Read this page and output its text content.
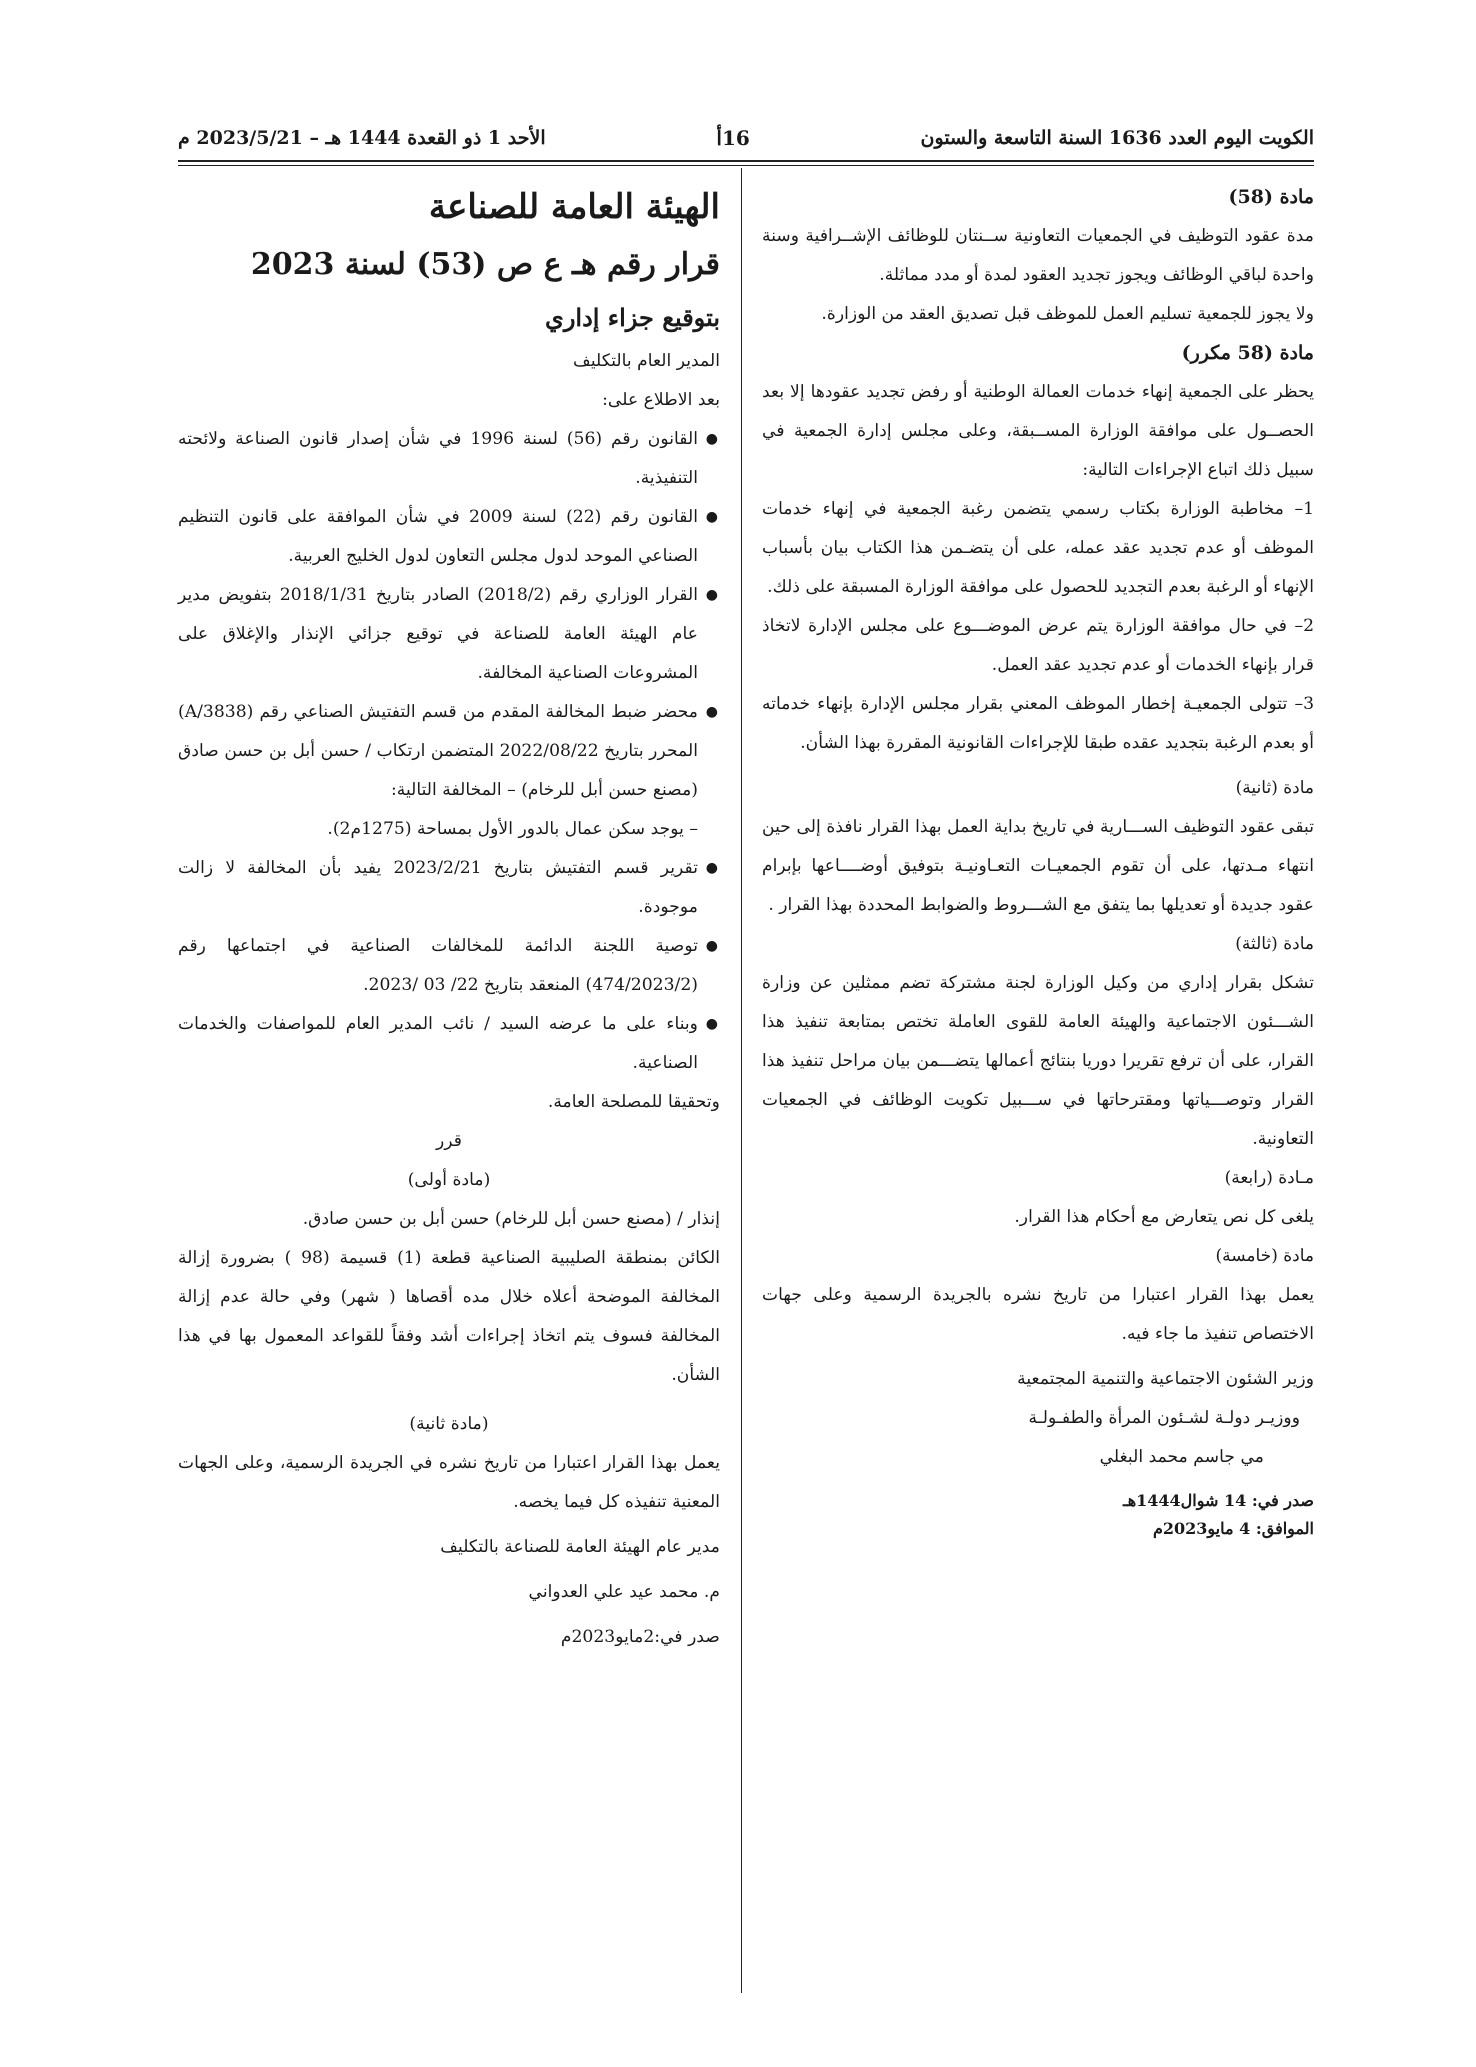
الكويت اليوم العدد 1636 السنة التاسعة والستون
16أ
الأحد 1 ذو القعدة 1444 هـ – 2023/5/21 م

مادة (58)

مدة عقود التوظيف في الجمعيات التعاونية ســنتان للوظائف الإشــرافية وسنة واحدة لباقي الوظائف ويجوز تجديد العقود لمدة أو مدد مماثلة.

ولا يجوز للجمعية تسليم العمل للموظف قبل تصديق العقد من الوزارة.

مادة (58 مكرر)

يحظر على الجمعية إنهاء خدمات العمالة الوطنية أو رفض تجديد عقودها إلا بعد الحصــول على موافقة الوزارة المســبقة، وعلى مجلس إدارة الجمعية في سبيل ذلك اتباع الإجراءات التالية:

1– مخاطبة الوزارة بكتاب رسمي يتضمن رغبة الجمعية في إنهاء خدمات الموظف أو عدم تجديد عقد عمله، على أن يتضـمن هذا الكتاب بيان بأسباب الإنهاء أو الرغبة بعدم التجديد للحصول على موافقة الوزارة المسبقة على ذلك.

2– في حال موافقة الوزارة يتم عرض الموضـــوع على مجلس الإدارة لاتخاذ قرار بإنهاء الخدمات أو عدم تجديد عقد العمل.

3– تتولى الجمعيـة إخطار الموظف المعني بقرار مجلس الإدارة بإنهاء خدماته أو بعدم الرغبة بتجديد عقده طبقا للإجراءات القانونية المقررة بهذا الشأن.

مادة (ثانية)

تبقى عقود التوظيف الســـارية في تاريخ بداية العمل بهذا القرار نافذة إلى حين انتهاء مـدتها، على أن تقوم الجمعيـات التعـاونيـة بتوفيق أوضــــاعها بإبرام عقود جديدة أو تعديلها بما يتفق مع الشـــروط والضوابط المحددة بهذا القرار .

مادة (ثالثة)

تشكل بقرار إداري من وكيل الوزارة لجنة مشتركة تضم ممثلين عن وزارة الشـــئون الاجتماعية والهيئة العامة للقوى العاملة تختص بمتابعة تنفيذ هذا القرار، على أن ترفع تقريرا دوريا بنتائج أعمالها يتضـــمن بيان مراحل تنفيذ هذا القرار وتوصـــياتها ومقترحاتها في ســـبيل تكويت الوظائف في الجمعيات التعاونية.

مـادة (رابعة)

يلغى كل نص يتعارض مع أحكام هذا القرار.

مادة (خامسة)

يعمل بهذا القرار اعتبارا من تاريخ نشره بالجريدة الرسمية وعلى جهات الاختصاص تنفيذ ما جاء فيه.

وزير الشئون الاجتماعية والتنمية المجتمعية

ووزيـر دولـة لشـئون المرأة والطفـولـة

مي جاسم محمد البغلي

صدر في: 14 شوال1444هـ

الموافق: 4 مايو2023م

الهيئة العامة للصناعة

قرار رقم هـ ع ص (53) لسنة 2023

بتوقيع جزاء إداري

المدير العام بالتكليف

بعد الاطلاع على:

●
القانون رقم (56) لسنة 1996 في شأن إصدار قانون الصناعة ولائحته التنفيذية.
●
القانون رقم (22) لسنة 2009 في شأن الموافقة على قانون التنظيم الصناعي الموحد لدول مجلس التعاون لدول الخليج العربية.
●
القرار الوزاري رقم (2018/2) الصادر بتاريخ 2018/1/31 بتفويض مدير عام الهيئة العامة للصناعة في توقيع جزائي الإنذار والإغلاق على المشروعات الصناعية المخالفة.
●
محضر ضبط المخالفة المقدم من قسم التفتيش الصناعي رقم (A/3838) المحرر بتاريخ 2022/08/22 المتضمن ارتكاب / حسن أبل بن حسن صادق (مصنع حسن أبل للرخام) – المخالفة التالية:

– يوجد سكن عمال بالدور الأول بمساحة (1275م2).

●
تقرير قسم التفتيش بتاريخ 2023/2/21 يفيد بأن المخالفة لا زالت موجودة.
●
توصية اللجنة الدائمة للمخالفات الصناعية في اجتماعها رقم (474/2023/2) المنعقد بتاريخ 22/ 03 /2023.
●
وبناء على ما عرضه السيد / نائب المدير العام للمواصفات والخدمات الصناعية.

وتحقيقا للمصلحة العامة.

قرر

(مادة أولى)

إنذار / (مصنع حسن أبل للرخام) حسن أبل بن حسن صادق.

الكائن بمنطقة الصليبية الصناعية قطعة (1) قسيمة (98 ) بضرورة إزالة المخالفة الموضحة أعلاه خلال مده أقصاها ( شهر) وفي حالة عدم إزالة المخالفة فسوف يتم اتخاذ إجراءات أشد وفقاً للقواعد المعمول بها في هذا الشأن.

(مادة ثانية)

يعمل بهذا القرار اعتبارا من تاريخ نشره في الجريدة الرسمية، وعلى الجهات المعنية تنفيذه كل فيما يخصه.

مدير عام الهيئة العامة للصناعة بالتكليف

م. محمد عيد علي العدواني

صدر في:2مايو2023م
